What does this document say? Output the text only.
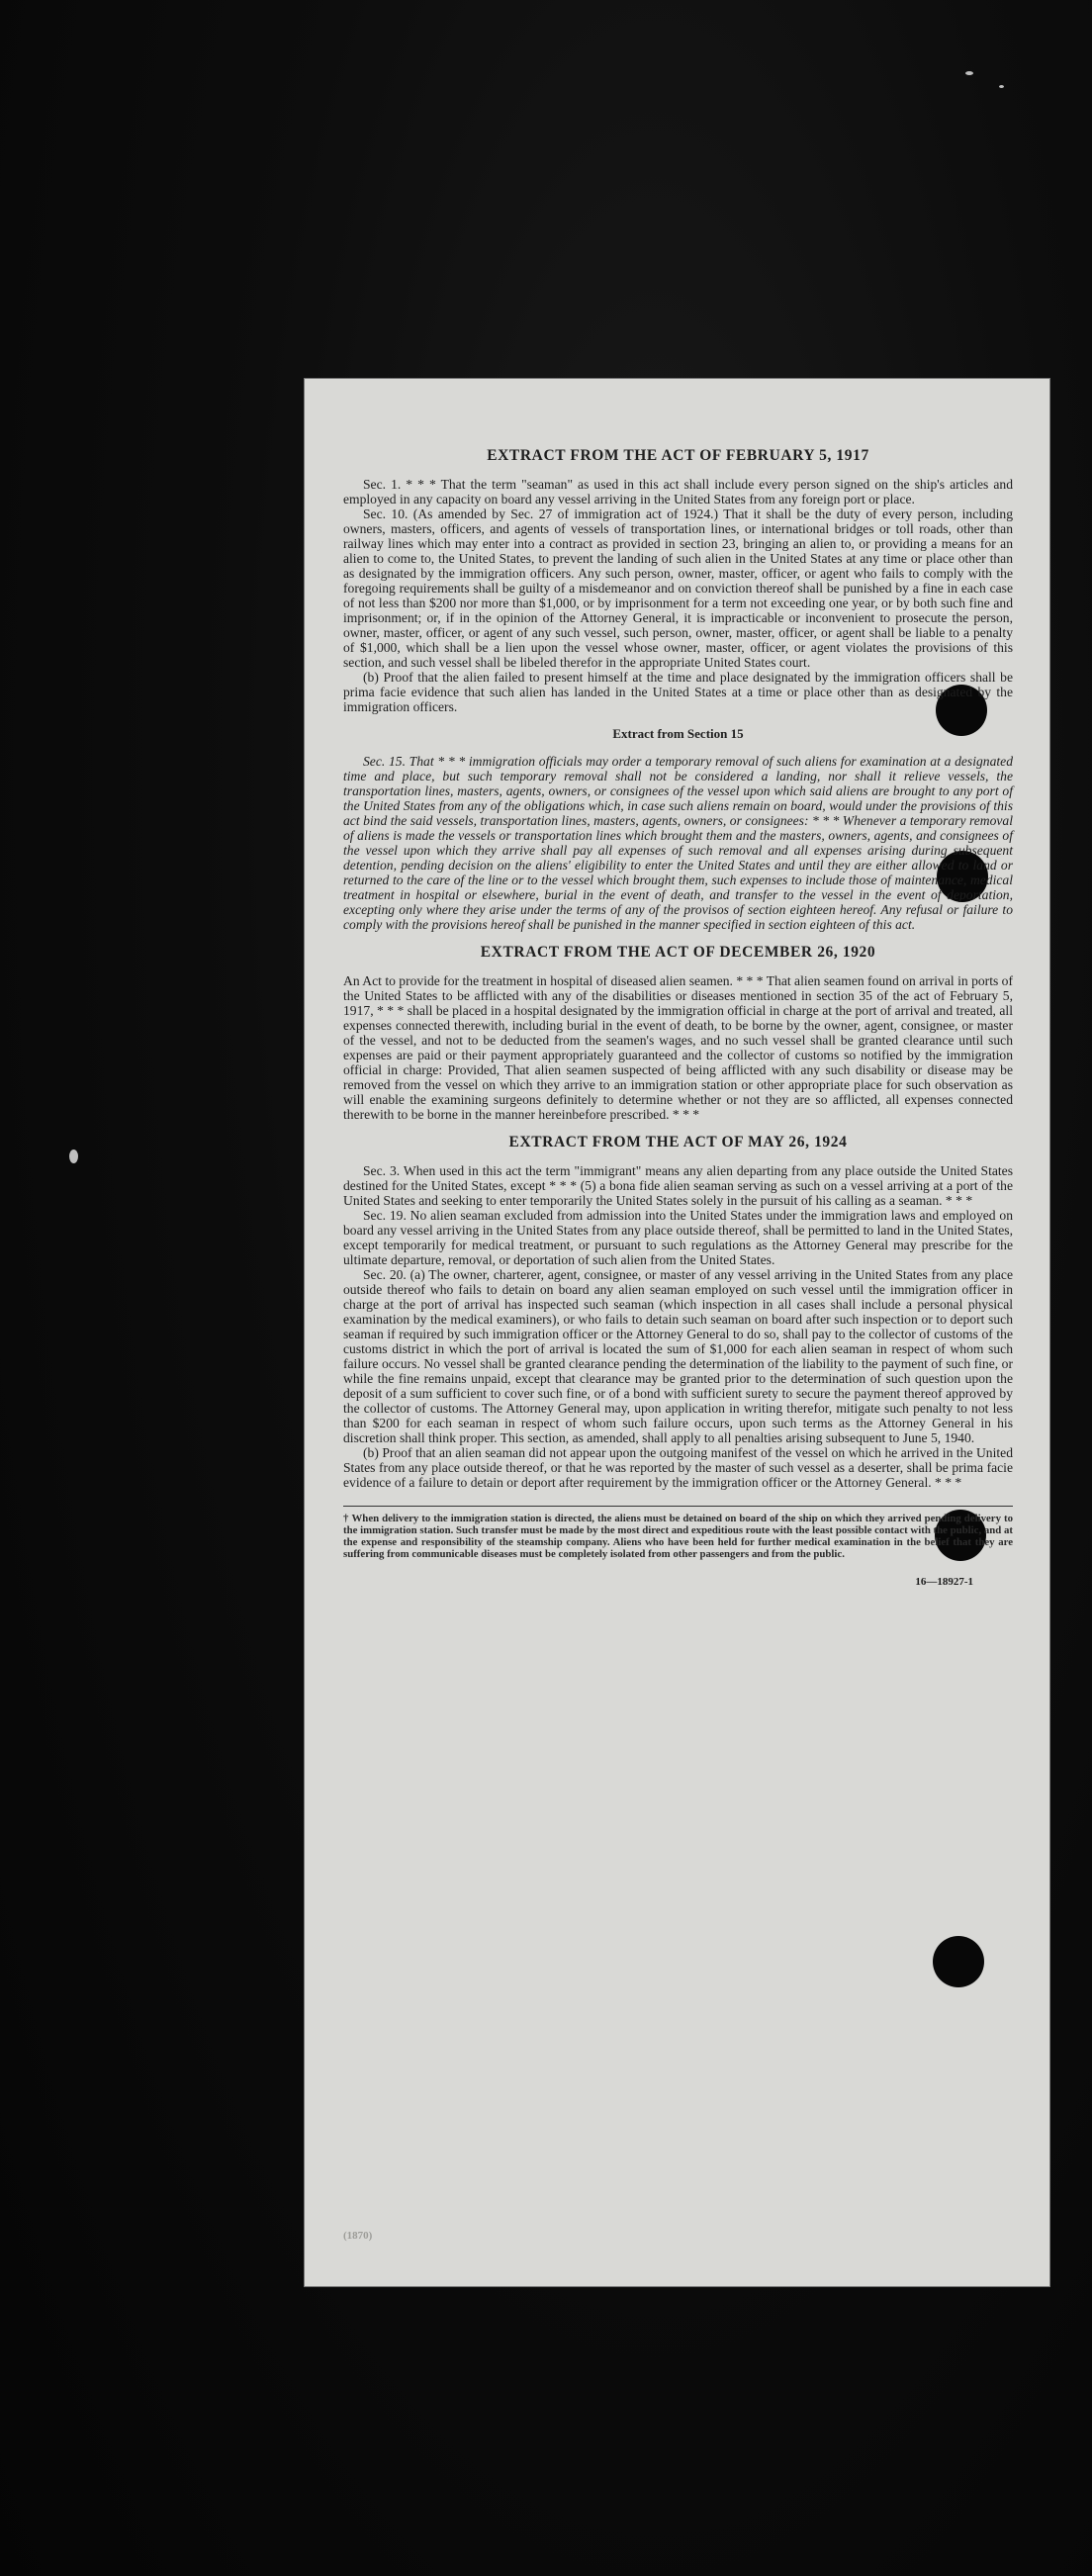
EXTRACT FROM THE ACT OF FEBRUARY 5, 1917

Sec. 1. * * * That the term "seaman" as used in this act shall include every person signed on the ship's articles and employed in any capacity on board any vessel arriving in the United States from any foreign port or place.

Sec. 10. (As amended by Sec. 27 of immigration act of 1924.) That it shall be the duty of every person, including owners, masters, officers, and agents of vessels of transportation lines, or international bridges or toll roads, other than railway lines which may enter into a contract as provided in section 23, bringing an alien to, or providing a means for an alien to come to, the United States, to prevent the landing of such alien in the United States at any time or place other than as designated by the immigration officers. Any such person, owner, master, officer, or agent who fails to comply with the foregoing requirements shall be guilty of a misdemeanor and on conviction thereof shall be punished by a fine in each case of not less than $200 nor more than $1,000, or by imprisonment for a term not exceeding one year, or by both such fine and imprisonment; or, if in the opinion of the Attorney General, it is impracticable or inconvenient to prosecute the person, owner, master, officer, or agent of any such vessel, such person, owner, master, officer, or agent shall be liable to a penalty of $1,000, which shall be a lien upon the vessel whose owner, master, officer, or agent violates the provisions of this section, and such vessel shall be libeled therefor in the appropriate United States court.

(b) Proof that the alien failed to present himself at the time and place designated by the immigration officers shall be prima facie evidence that such alien has landed in the United States at a time or place other than as designated by the immigration officers.

Extract from Section 15

Sec. 15. That * * * immigration officials may order a temporary removal of such aliens for examination at a designated time and place, but such temporary removal shall not be considered a landing, nor shall it relieve vessels, the transportation lines, masters, agents, owners, or consignees of the vessel upon which said aliens are brought to any port of the United States from any of the obligations which, in case such aliens remain on board, would under the provisions of this act bind the said vessels, transportation lines, masters, agents, owners, or consignees: * * * Whenever a temporary removal of aliens is made the vessels or transportation lines which brought them and the masters, owners, agents, and consignees of the vessel upon which they arrive shall pay all expenses of such removal and all expenses arising during subsequent detention, pending decision on the aliens' eligibility to enter the United States and until they are either allowed to land or returned to the care of the line or to the vessel which brought them, such expenses to include those of maintenance, medical treatment in hospital or elsewhere, burial in the event of death, and transfer to the vessel in the event of deportation, excepting only where they arise under the terms of any of the provisos of section eighteen hereof. Any refusal or failure to comply with the provisions hereof shall be punished in the manner specified in section eighteen of this act.

EXTRACT FROM THE ACT OF DECEMBER 26, 1920

An Act to provide for the treatment in hospital of diseased alien seamen. * * * That alien seamen found on arrival in ports of the United States to be afflicted with any of the disabilities or diseases mentioned in section 35 of the act of February 5, 1917, * * * shall be placed in a hospital designated by the immigration official in charge at the port of arrival and treated, all expenses connected therewith, including burial in the event of death, to be borne by the owner, agent, consignee, or master of the vessel, and not to be deducted from the seamen's wages, and no such vessel shall be granted clearance until such expenses are paid or their payment appropriately guaranteed and the collector of customs so notified by the immigration official in charge: Provided, That alien seamen suspected of being afflicted with any such disability or disease may be removed from the vessel on which they arrive to an immigration station or other appropriate place for such observation as will enable the examining surgeons definitely to determine whether or not they are so afflicted, all expenses connected therewith to be borne in the manner hereinbefore prescribed. * * *

EXTRACT FROM THE ACT OF MAY 26, 1924

Sec. 3. When used in this act the term "immigrant" means any alien departing from any place outside the United States destined for the United States, except * * * (5) a bona fide alien seaman serving as such on a vessel arriving at a port of the United States and seeking to enter temporarily the United States solely in the pursuit of his calling as a seaman. * * *

Sec. 19. No alien seaman excluded from admission into the United States under the immigration laws and employed on board any vessel arriving in the United States from any place outside thereof, shall be permitted to land in the United States, except temporarily for medical treatment, or pursuant to such regulations as the Attorney General may prescribe for the ultimate departure, removal, or deportation of such alien from the United States.

Sec. 20. (a) The owner, charterer, agent, consignee, or master of any vessel arriving in the United States from any place outside thereof who fails to detain on board any alien seaman employed on such vessel until the immigration officer in charge at the port of arrival has inspected such seaman (which inspection in all cases shall include a personal physical examination by the medical examiners), or who fails to detain such seaman on board after such inspection or to deport such seaman if required by such immigration officer or the Attorney General to do so, shall pay to the collector of customs of the customs district in which the port of arrival is located the sum of $1,000 for each alien seaman in respect of whom such failure occurs. No vessel shall be granted clearance pending the determination of the liability to the payment of such fine, or while the fine remains unpaid, except that clearance may be granted prior to the determination of such question upon the deposit of a sum sufficient to cover such fine, or of a bond with sufficient surety to secure the payment thereof approved by the collector of customs. The Attorney General may, upon application in writing therefor, mitigate such penalty to not less than $200 for each seaman in respect of whom such failure occurs, upon such terms as the Attorney General in his discretion shall think proper. This section, as amended, shall apply to all penalties arising subsequent to June 5, 1940.

(b) Proof that an alien seaman did not appear upon the outgoing manifest of the vessel on which he arrived in the United States from any place outside thereof, or that he was reported by the master of such vessel as a deserter, shall be prima facie evidence of a failure to detain or deport after requirement by the immigration officer or the Attorney General. * * *

† When delivery to the immigration station is directed, the aliens must be detained on board of the ship on which they arrived pending delivery to the immigration station. Such transfer must be made by the most direct and expeditious route with the least possible contact with the public, and at the expense and responsibility of the steamship company. Aliens who have been held for further medical examination in the belief that they are suffering from communicable diseases must be completely isolated from other passengers and from the public.

16—18927-1
(1870)
